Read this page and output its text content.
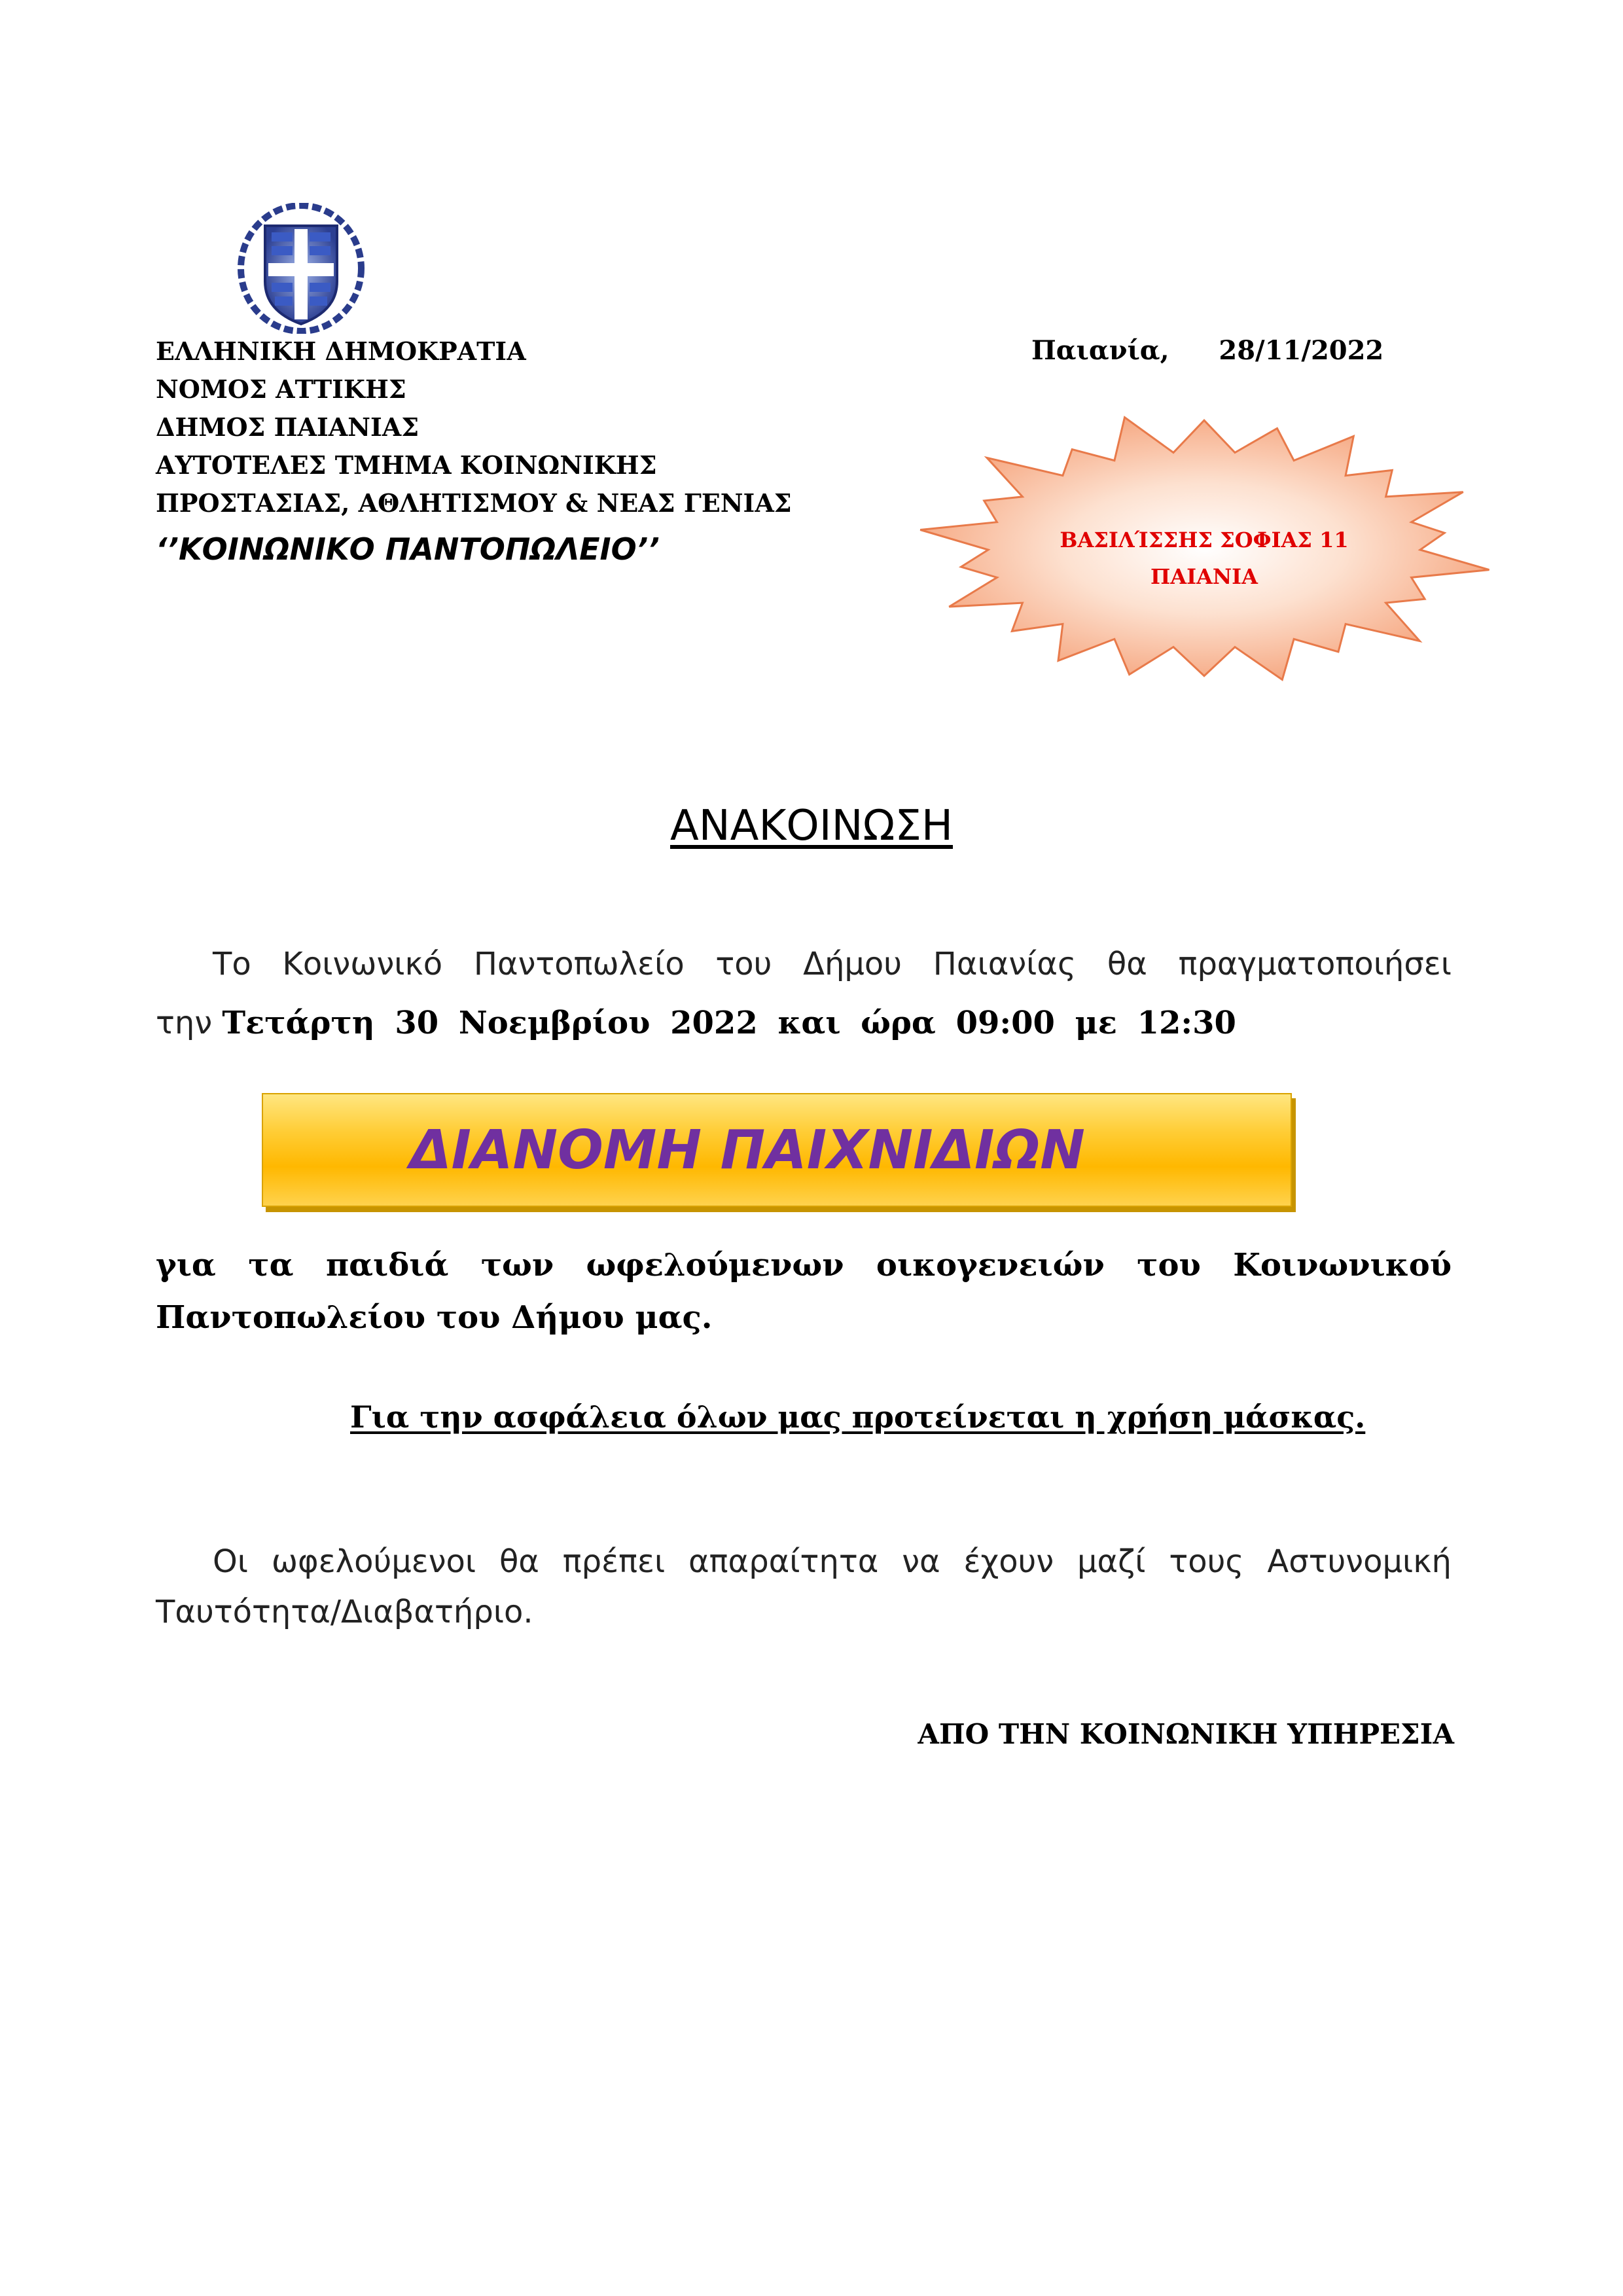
ΕΛΛΗΝΙΚΗ ΔΗΜΟΚΡΑΤΙΑ
ΝΟΜΟΣ ΑΤΤΙΚΗΣ
ΔΗΜΟΣ ΠΑΙΑΝΙΑΣ
ΑΥΤΟΤΕΛΕΣ ΤΜΗΜΑ ΚΟΙΝΩΝΙΚΗΣ
ΠΡΟΣΤΑΣΙΑΣ, ΑΘΛΗΤΙΣΜΟΥ & ΝΕΑΣ ΓΕΝΙΑΣ
‘’ΚΟΙΝΩΝΙΚΟ ΠΑΝΤΟΠΩΛΕΙΟ’’
Παιανία, 28/11/2022
ΒΑΣΙΛΊΣΣΗΣ ΣΟΦΙΑΣ 11
ΠΑΙΑΝΙΑ
ΑΝΑΚΟΙΝΩΣΗ
Το Κοινωνικό Παντοπωλείο του Δήμου Παιανίας θα πραγματοποιήσει
την Τετάρτη 30 Νοεμβρίου 2022 και ώρα 09:00 με 12:30
ΔΙΑΝΟΜΗ ΠΑΙΧΝΙΔΙΩΝ
για τα παιδιά των ωφελούμενων οικογενειών του Κοινωνικού
Παντοπωλείου του Δήμου μας.
Για την ασφάλεια όλων μας προτείνεται η χρήση μάσκας.
Οι ωφελούμενοι θα πρέπει απαραίτητα να έχουν μαζί τους Αστυνομική
Ταυτότητα/Διαβατήριο.
ΑΠΟ ΤΗΝ ΚΟΙΝΩΝΙΚΗ ΥΠΗΡΕΣΙΑ
